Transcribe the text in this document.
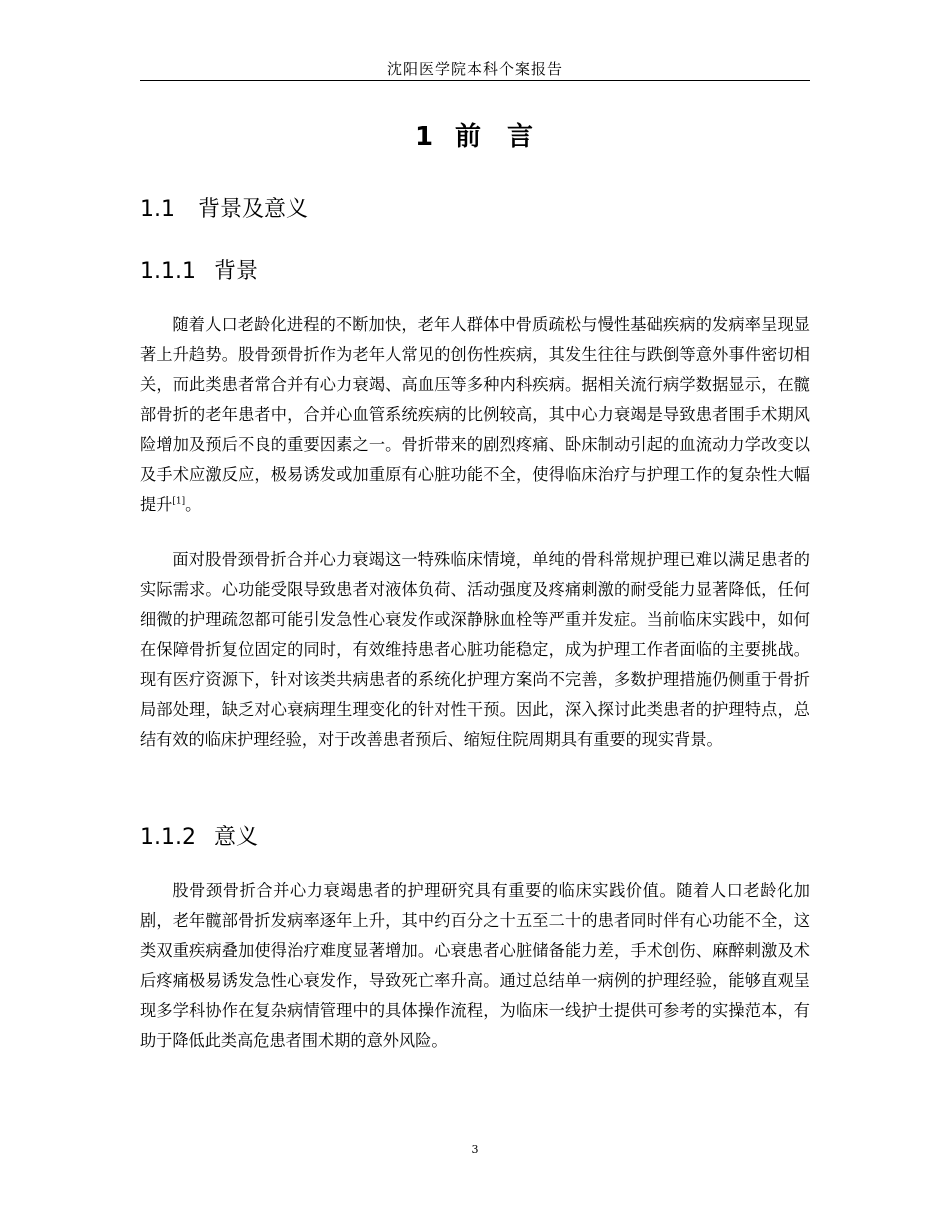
沈阳医学院本科个案报告
1 前 言
1.1 背景及意义
1.1.1 背景
随着人口老龄化进程的不断加快，老年人群体中骨质疏松与慢性基础疾病的发病率呈现显著上升趋势。股骨颈骨折作为老年人常见的创伤性疾病，其发生往往与跌倒等意外事件密切相关，而此类患者常合并有心力衰竭、高血压等多种内科疾病。据相关流行病学数据显示，在髋部骨折的老年患者中，合并心血管系统疾病的比例较高，其中心力衰竭是导致患者围手术期风险增加及预后不良的重要因素之一。骨折带来的剧烈疼痛、卧床制动引起的血流动力学改变以及手术应激反应，极易诱发或加重原有心脏功能不全，使得临床治疗与护理工作的复杂性大幅提升[1]。
面对股骨颈骨折合并心力衰竭这一特殊临床情境，单纯的骨科常规护理已难以满足患者的实际需求。心功能受限导致患者对液体负荷、活动强度及疼痛刺激的耐受能力显著降低，任何细微的护理疏忽都可能引发急性心衰发作或深静脉血栓等严重并发症。当前临床实践中，如何在保障骨折复位固定的同时，有效维持患者心脏功能稳定，成为护理工作者面临的主要挑战。现有医疗资源下，针对该类共病患者的系统化护理方案尚不完善，多数护理措施仍侧重于骨折局部处理，缺乏对心衰病理生理变化的针对性干预。因此，深入探讨此类患者的护理特点，总结有效的临床护理经验，对于改善患者预后、缩短住院周期具有重要的现实背景。
1.1.2 意义
股骨颈骨折合并心力衰竭患者的护理研究具有重要的临床实践价值。随着人口老龄化加剧，老年髋部骨折发病率逐年上升，其中约百分之十五至二十的患者同时伴有心功能不全，这类双重疾病叠加使得治疗难度显著增加。心衰患者心脏储备能力差，手术创伤、麻醉刺激及术后疼痛极易诱发急性心衰发作，导致死亡率升高。通过总结单一病例的护理经验，能够直观呈现多学科协作在复杂病情管理中的具体操作流程，为临床一线护士提供可参考的实操范本，有助于降低此类高危患者围术期的意外风险。
3
